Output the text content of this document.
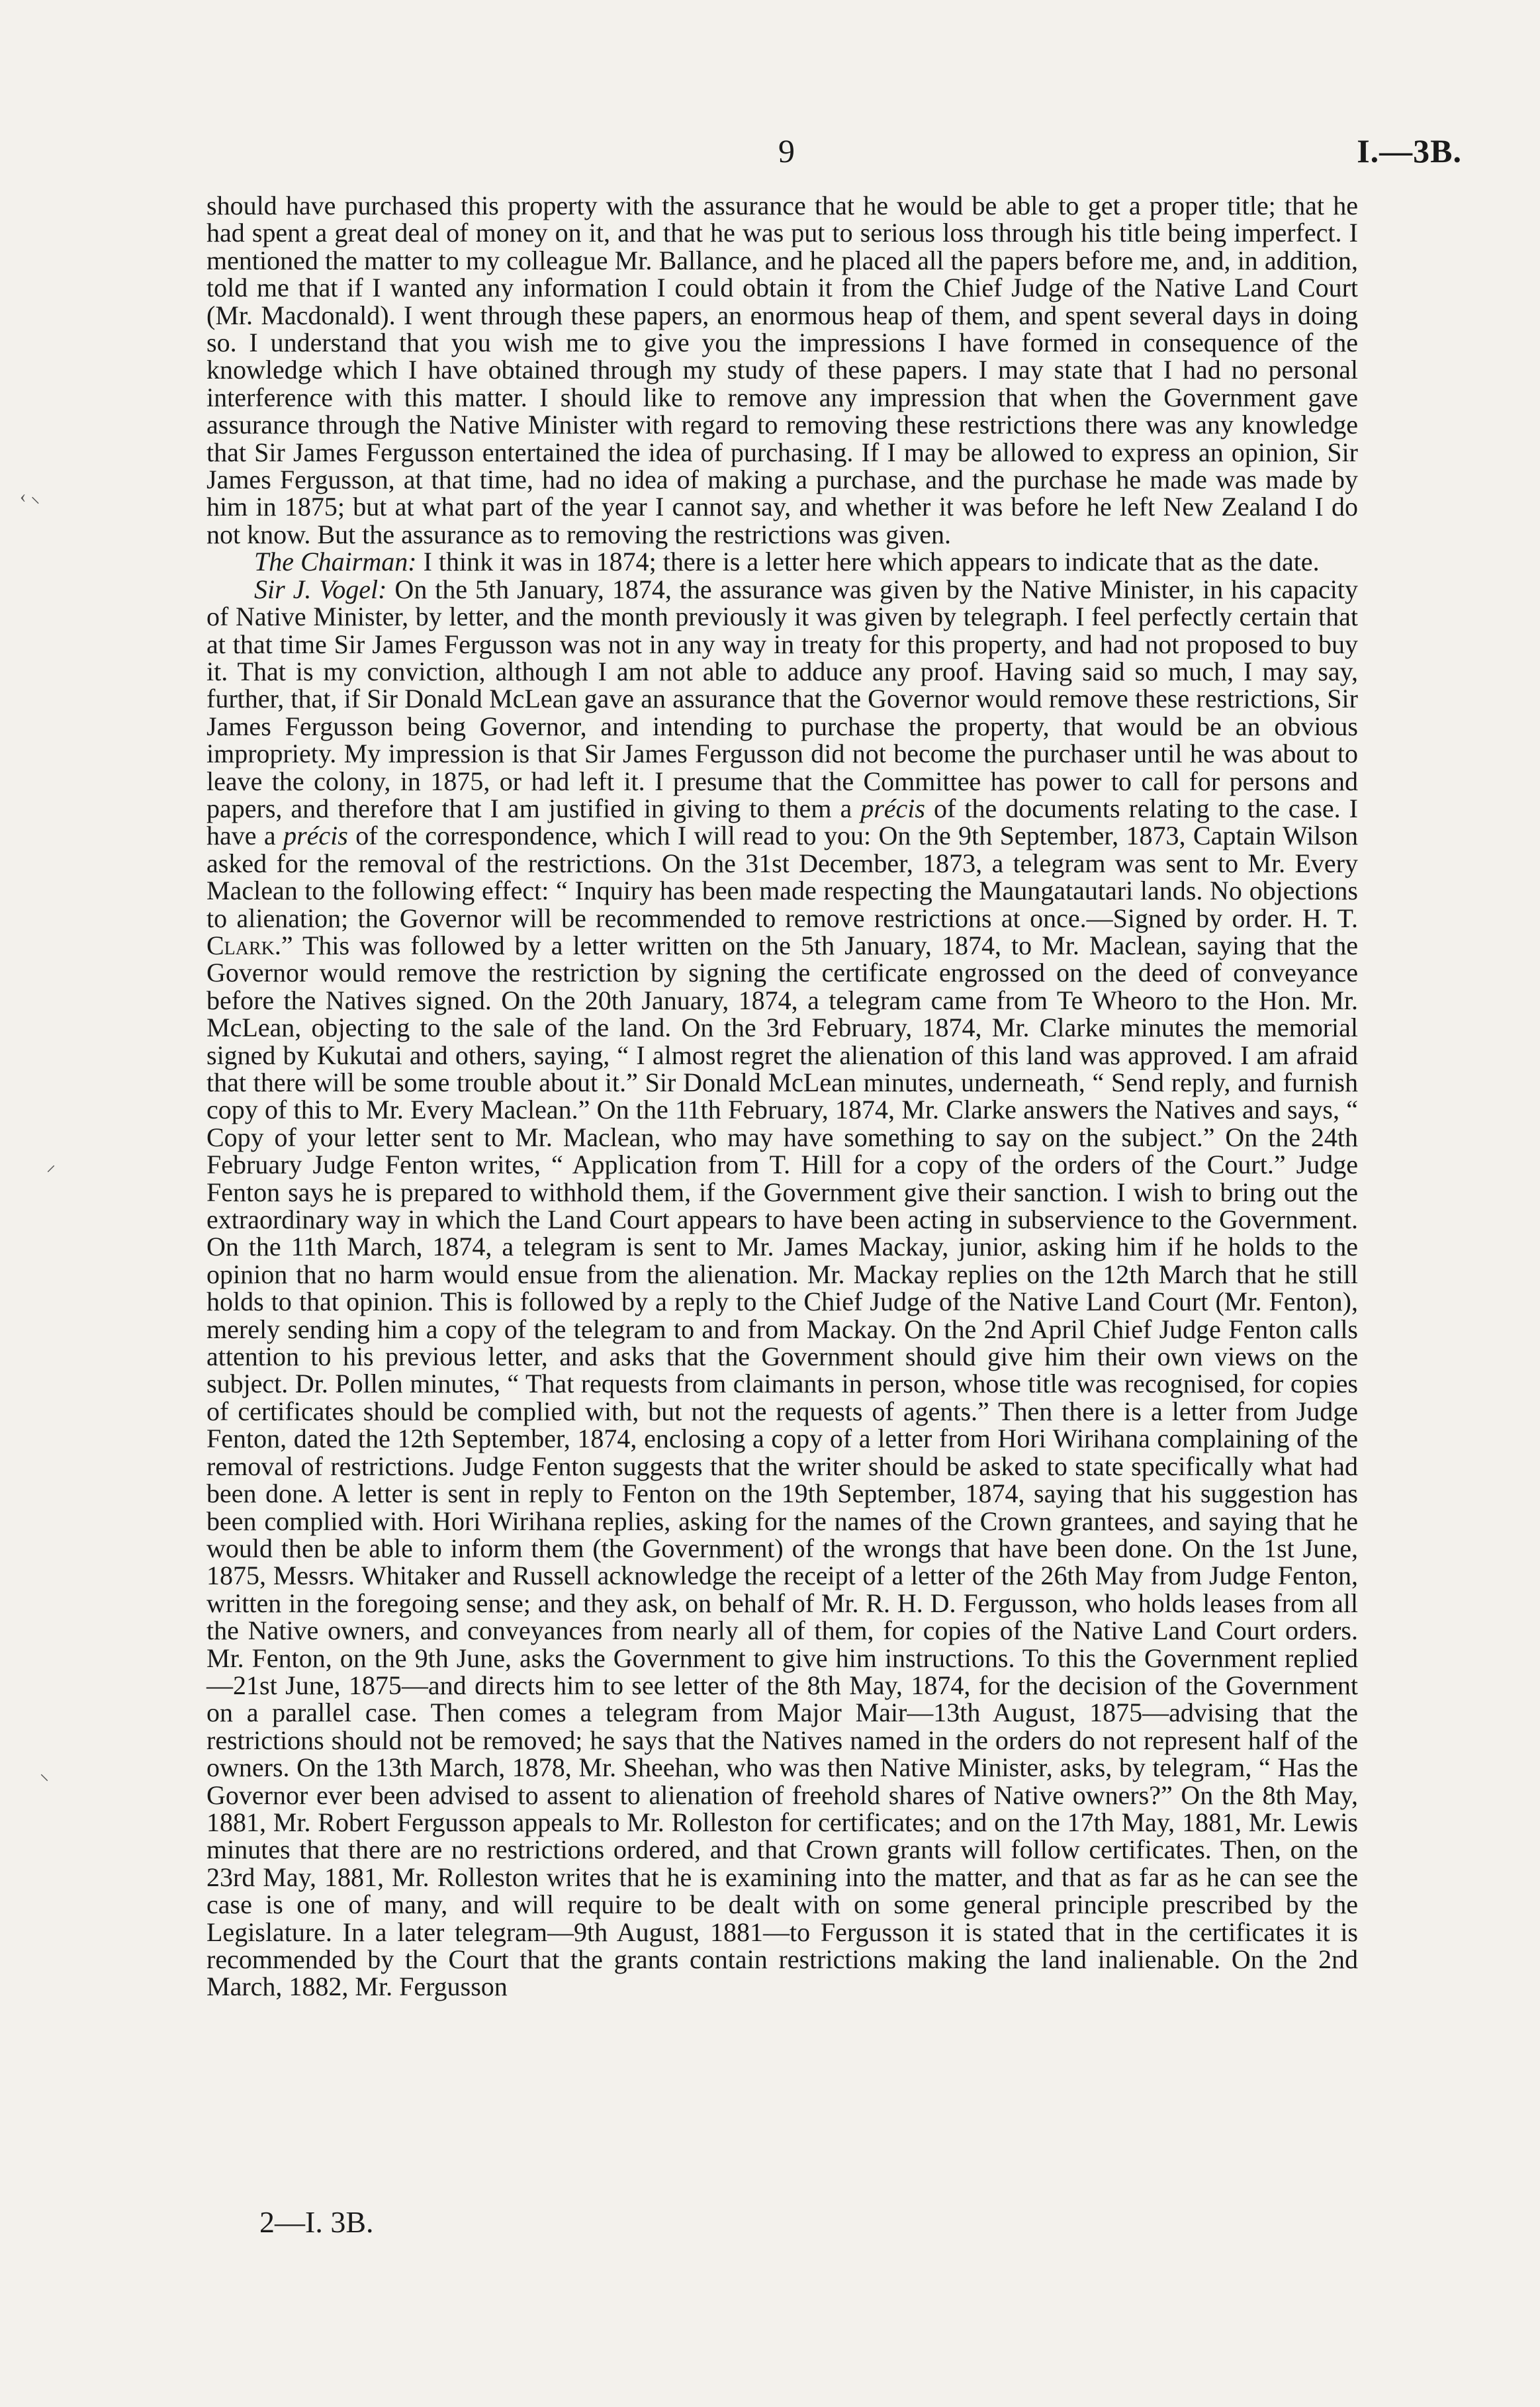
9	I.—3B.

should have purchased this property with the assurance that he would be able to get a proper title; that he had spent a great deal of money on it, and that he was put to serious loss through his title being imperfect. I mentioned the matter to my colleague Mr. Ballance, and he placed all the papers before me, and, in addition, told me that if I wanted any information I could obtain it from the Chief Judge of the Native Land Court (Mr. Macdonald). I went through these papers, an enormous heap of them, and spent several days in doing so. I understand that you wish me to give you the impressions I have formed in consequence of the knowledge which I have obtained through my study of these papers. I may state that I had no personal interference with this matter. I should like to remove any impression that when the Government gave assurance through the Native Minister with regard to removing these restrictions there was any knowledge that Sir James Fergusson entertained the idea of purchasing. If I may be allowed to express an opinion, Sir James Fergusson, at that time, had no idea of making a purchase, and the purchase he made was made by him in 1875; but at what part of the year I cannot say, and whether it was before he left New Zealand I do not know. But the assurance as to removing the restrictions was given.

The Chairman: I think it was in 1874; there is a letter here which appears to indicate that as the date.

Sir J. Vogel: On the 5th January, 1874, the assurance was given by the Native Minister, in his capacity of Native Minister, by letter, and the month previously it was given by telegraph. I feel perfectly certain that at that time Sir James Fergusson was not in any way in treaty for this property, and had not proposed to buy it. That is my conviction, although I am not able to adduce any proof. Having said so much, I may say, further, that, if Sir Donald McLean gave an assurance that the Governor would remove these restrictions, Sir James Fergusson being Governor, and intending to purchase the property, that would be an obvious impropriety. My impression is that Sir James Fergusson did not become the purchaser until he was about to leave the colony, in 1875, or had left it. I presume that the Committee has power to call for persons and papers, and therefore that I am justified in giving to them a précis of the documents relating to the case. I have a précis of the correspondence, which I will read to you: On the 9th September, 1873, Captain Wilson asked for the removal of the restrictions. On the 31st December, 1873, a telegram was sent to Mr. Every Maclean to the following effect: “ Inquiry has been made respecting the Maungatautari lands. No objections to alienation; the Governor will be recommended to remove restrictions at once.—Signed by order. H. T. Clark.” This was followed by a letter written on the 5th January, 1874, to Mr. Maclean, saying that the Governor would remove the restriction by signing the certificate engrossed on the deed of conveyance before the Natives signed. On the 20th January, 1874, a telegram came from Te Wheoro to the Hon. Mr. McLean, objecting to the sale of the land. On the 3rd February, 1874, Mr. Clarke minutes the memorial signed by Kukutai and others, saying, “ I almost regret the alienation of this land was approved. I am afraid that there will be some trouble about it.” Sir Donald McLean minutes, underneath, “ Send reply, and furnish copy of this to Mr. Every Maclean.” On the 11th February, 1874, Mr. Clarke answers the Natives and says, “ Copy of your letter sent to Mr. Maclean, who may have something to say on the subject.” On the 24th February Judge Fenton writes, “ Application from T. Hill for a copy of the orders of the Court.” Judge Fenton says he is prepared to withhold them, if the Government give their sanction. I wish to bring out the extraordinary way in which the Land Court appears to have been acting in subservience to the Government. On the 11th March, 1874, a telegram is sent to Mr. James Mackay, junior, asking him if he holds to the opinion that no harm would ensue from the alienation. Mr. Mackay replies on the 12th March that he still holds to that opinion. This is followed by a reply to the Chief Judge of the Native Land Court (Mr. Fenton), merely sending him a copy of the telegram to and from Mackay. On the 2nd April Chief Judge Fenton calls attention to his previous letter, and asks that the Government should give him their own views on the subject. Dr. Pollen minutes, “ That requests from claimants in person, whose title was recognised, for copies of certificates should be complied with, but not the requests of agents.” Then there is a letter from Judge Fenton, dated the 12th September, 1874, enclosing a copy of a letter from Hori Wirihana complaining of the removal of restrictions. Judge Fenton suggests that the writer should be asked to state specifically what had been done. A letter is sent in reply to Fenton on the 19th September, 1874, saying that his suggestion has been complied with. Hori Wirihana replies, asking for the names of the Crown grantees, and saying that he would then be able to inform them (the Government) of the wrongs that have been done. On the 1st June, 1875, Messrs. Whitaker and Russell acknowledge the receipt of a letter of the 26th May from Judge Fenton, written in the foregoing sense; and they ask, on behalf of Mr. R. H. D. Fergusson, who holds leases from all the Native owners, and conveyances from nearly all of them, for copies of the Native Land Court orders. Mr. Fenton, on the 9th June, asks the Government to give him instructions. To this the Government replied—21st June, 1875—and directs him to see letter of the 8th May, 1874, for the decision of the Government on a parallel case. Then comes a telegram from Major Mair—13th August, 1875—advising that the restrictions should not be removed; he says that the Natives named in the orders do not represent half of the owners. On the 13th March, 1878, Mr. Sheehan, who was then Native Minister, asks, by telegram, “ Has the Governor ever been advised to assent to alienation of freehold shares of Native owners?” On the 8th May, 1881, Mr. Robert Fergusson appeals to Mr. Rolleston for certificates; and on the 17th May, 1881, Mr. Lewis minutes that there are no restrictions ordered, and that Crown grants will follow certificates. Then, on the 23rd May, 1881, Mr. Rolleston writes that he is examining into the matter, and that as far as he can see the case is one of many, and will require to be dealt with on some general principle prescribed by the Legislature. In a later telegram—9th August, 1881—to Fergusson it is stated that in the certificates it is recommended by the Court that the grants contain restrictions making the land inalienable. On the 2nd March, 1882, Mr. Fergusson

2—I. 3B.
‹ ⸜
⸝
⸜
